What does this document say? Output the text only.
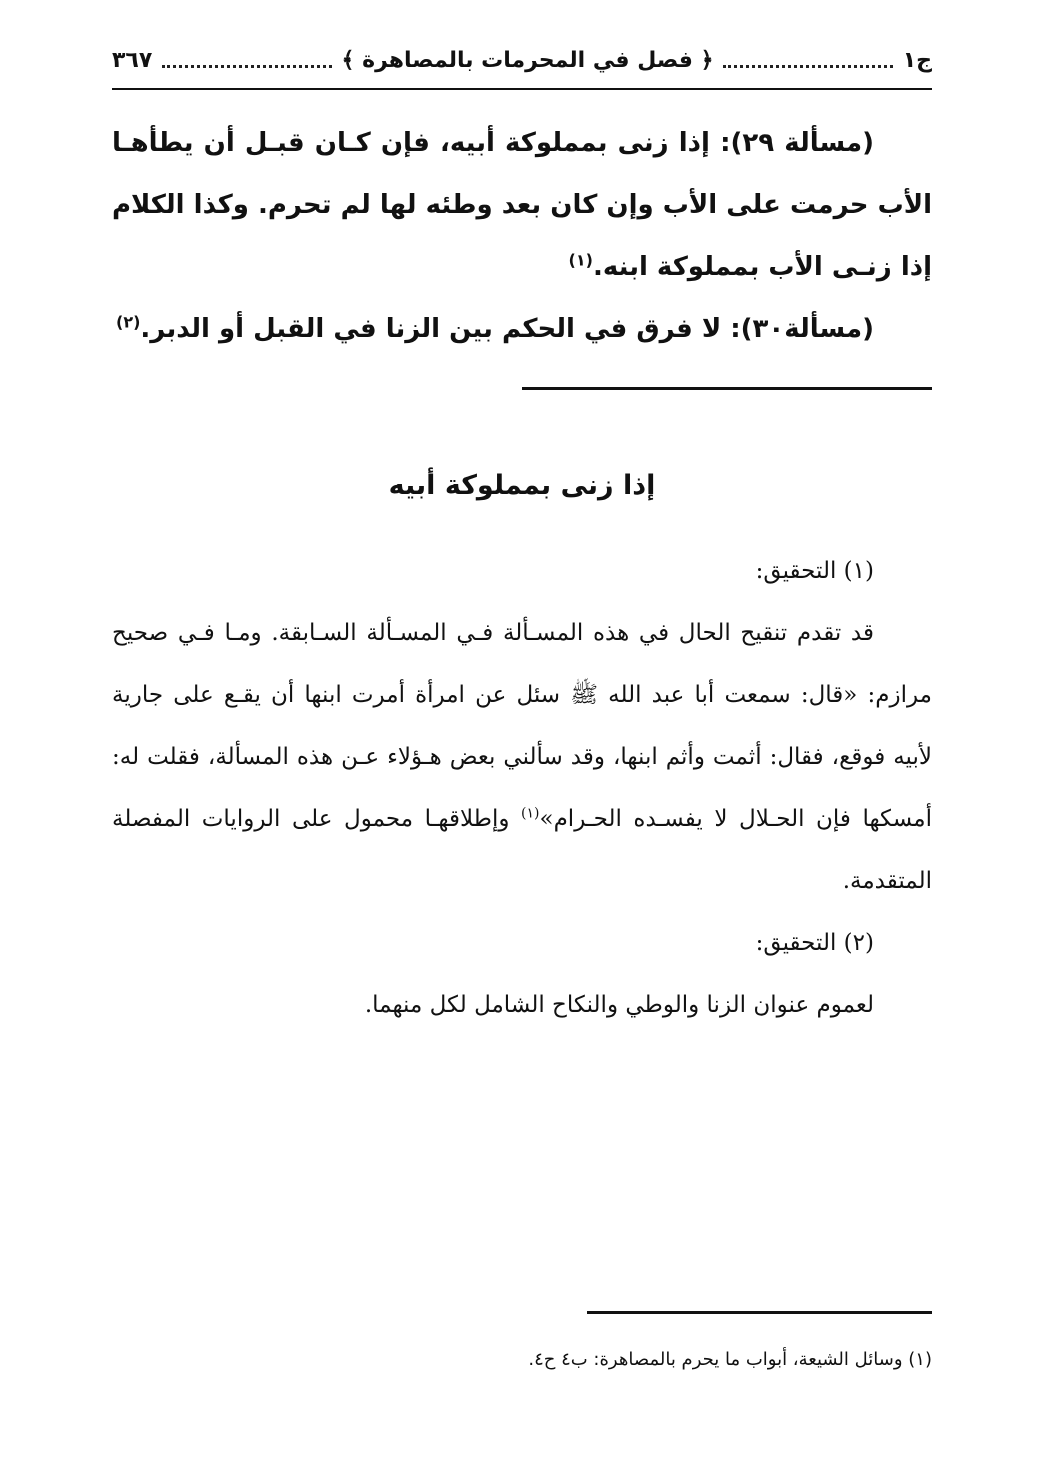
ج١
﴿ فصل في المحرمات بالمصاهرة ﴾
٣٦٧

(مسألة ٢٩): إذا زنى بمملوكة أبيه، فإن كـان قبـل أن يطأهـا الأب حرمت على الأب وإن كان بعد وطئه لها لم تحرم. وكذا الكلام إذا زنـى الأب بمملوكة ابنه.$^{(١)}$

(مسألة٣٠): لا فرق في الحكم بين الزنا في القبل أو الدبر.$^{(٢)}$

إذا زنى بمملوكة أبيه

(١) التحقيق:

قد تقدم تنقيح الحال في هذه المسـألة فـي المسـألة السـابقة. ومـا فـي صحيح مرازم: «قال: سمعت أبا عبد الله ﷺ سئل عن امرأة أمرت ابنها أن يقـع على جارية لأبيه فوقع، فقال: أثمت وأثم ابنها، وقد سألني بعض هـؤلاء عـن هذه المسألة، فقلت له: أمسكها فإن الحـلال لا يفسـده الحـرام»$^{(١)}$ وإطلاقهـا محمول على الروايات المفصلة المتقدمة.

(٢) التحقيق:

لعموم عنوان الزنا والوطي والنكاح الشامل لكل منهما.

(١) وسائل الشيعة، أبواب ما يحرم بالمصاهرة: ب٤ ح٤.
